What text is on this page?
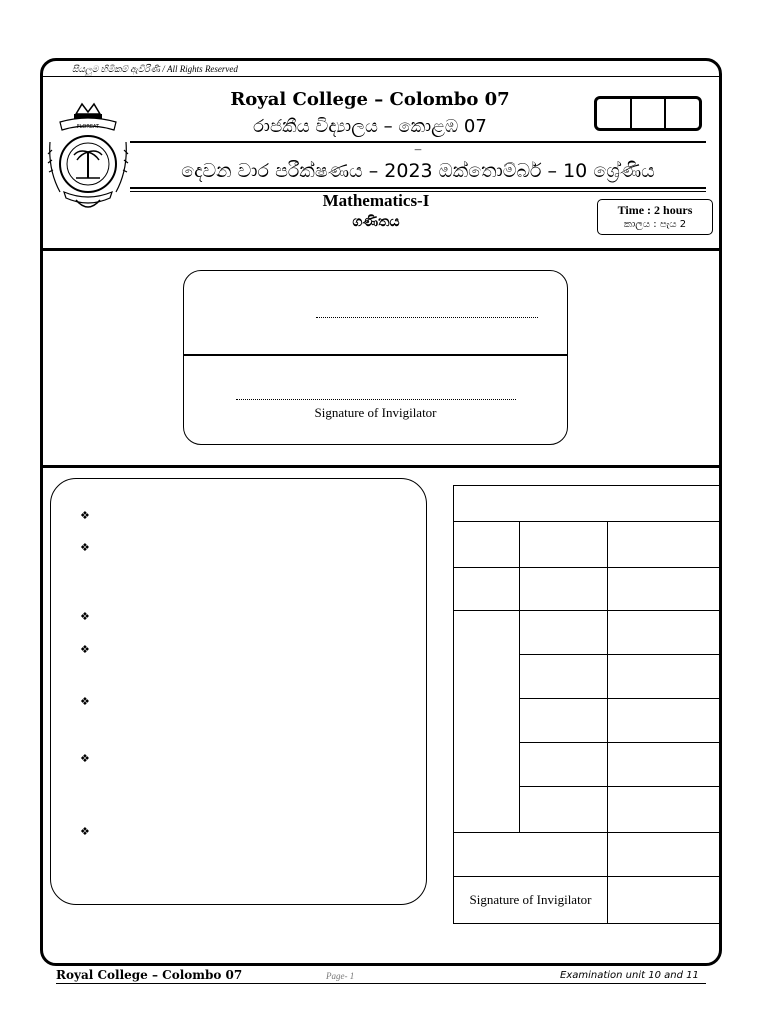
සියලුම හිමිකම් ඇවිරිණි / All Rights Reserved
FLOREAT
Royal College – Colombo 07
රාජකීය විද්‍යාලය – කොළඹ 07
–
දෙවන වාර පරීක්ෂණය – 2023 ඔක්තොම්බර් – 10 ශ්‍රේණිය
Mathematics-I
ගණිතය
Time : 2 hours
කාලය : පැය 2
Signature of Invigilator
❖
❖
❖
❖
❖
❖
❖

Signature of Invigilator		
Royal College – Colombo 07	Page- 1	Examination unit 10 and 11
